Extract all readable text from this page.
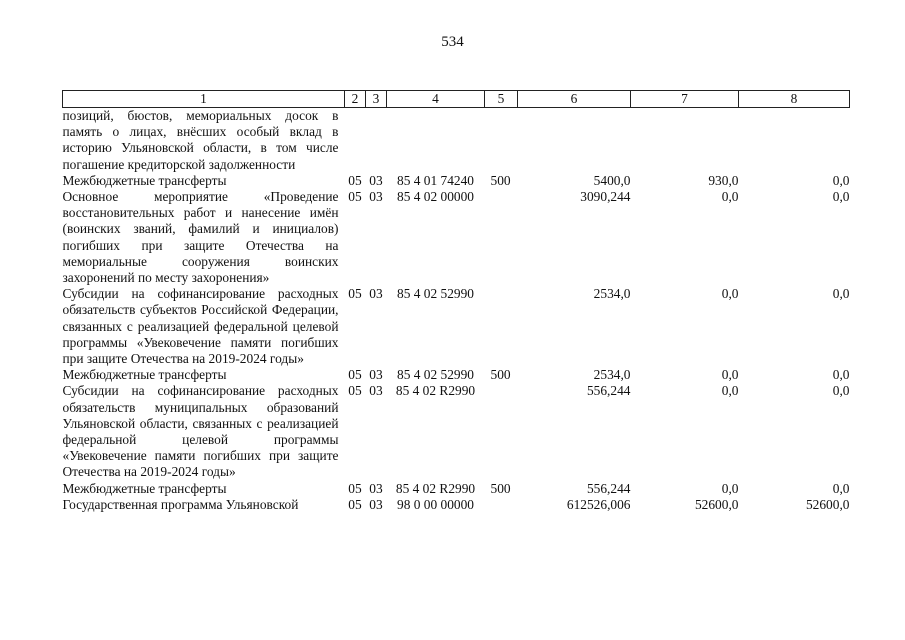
534
1	2	3	4	5	6	7	8
позиций, бюстов, мемориальных досок в память о лицах, внёсших особый вклад в историю Ульяновской области, в том числе погашение кредиторской задолженности							
Межбюджетные трансферты	05	03	85 4 01 74240	500	5400,0	930,0	0,0
Основное мероприятие «Проведение восстановительных работ и нанесение имён (воинских званий, фамилий и инициалов) погибших при защите Отечества на мемориальные сооружения воинских захоронений по месту захоронения»	05	03	85 4 02 00000		3090,244	0,0	0,0
Субсидии на софинансирование расходных обязательств субъектов Российской Федерации, связанных с реализацией федеральной целевой программы «Увековечение памяти погибших при защите Отечества на 2019-2024 годы»	05	03	85 4 02 52990		2534,0	0,0	0,0
Межбюджетные трансферты	05	03	85 4 02 52990	500	2534,0	0,0	0,0
Субсидии на софинансирование расходных обязательств муниципальных образований Ульяновской области, связанных с реализацией федеральной целевой программы «Увековечение памяти погибших при защите Отечества на 2019-2024 годы»	05	03	85 4 02 R2990		556,244	0,0	0,0
Межбюджетные трансферты	05	03	85 4 02 R2990	500	556,244	0,0	0,0
Государственная программа Ульяновской	05	03	98 0 00 00000		612526,006	52600,0	52600,0
